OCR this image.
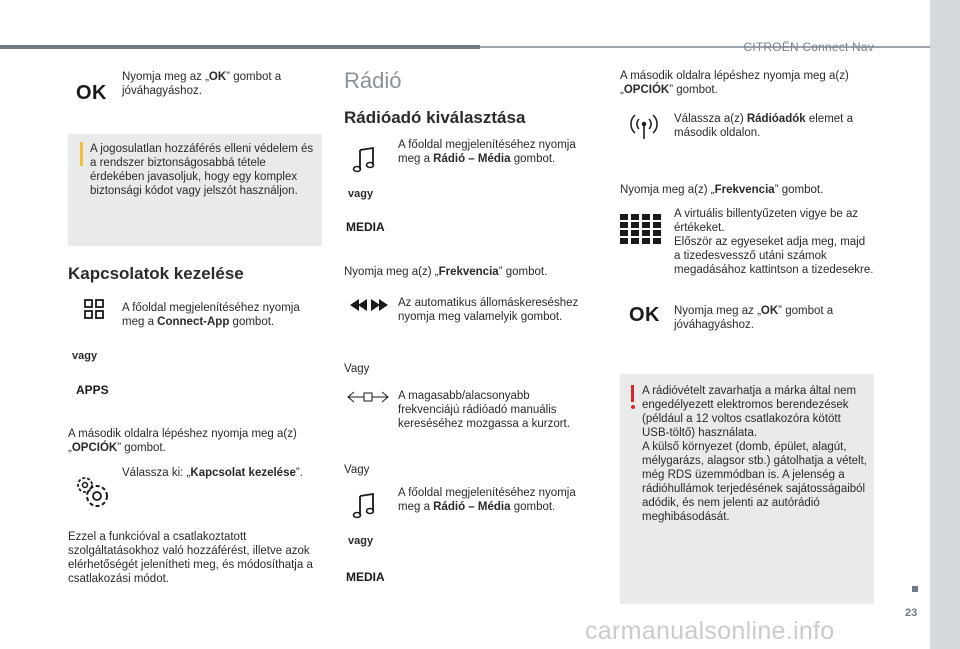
CITROËN Connect Nav
23
OK
Nyomja meg az „OK” gombot a jóváhagyáshoz.
A jogosulatlan hozzáférés elleni védelem és a rendszer biztonságosabbá tétele érdekében javasoljuk, hogy egy komplex biztonsági kódot vagy jelszót használjon.
Kapcsolatok kezelése
A főoldal megjelenítéséhez nyomja meg a Connect-App gombot.
vagy
APPS
A második oldalra lépéshez nyomja meg a(z) „OPCIÓK” gombot.
Válassza ki: „Kapcsolat kezelése”.
Ezzel a funkcióval a csatlakoztatott szolgáltatásokhoz való hozzáférést, illetve azok elérhetőségét jelenítheti meg, és módosíthatja a csatlakozási módot.
Rádió
Rádióadó kiválasztása
A főoldal megjelenítéséhez nyomja meg a Rádió – Média gombot.
vagy
MEDIA
Nyomja meg a(z) „Frekvencia” gombot.
Az automatikus állomáskereséshez nyomja meg valamelyik gombot.
Vagy
A magasabb/alacsonyabb frekvenciájú rádióadó manuális kereséséhez mozgassa a kurzort.
Vagy
A főoldal megjelenítéséhez nyomja meg a Rádió – Média gombot.
vagy
MEDIA
A második oldalra lépéshez nyomja meg a(z) „OPCIÓK” gombot.
Válassza a(z) Rádióadók elemet a második oldalon.
Nyomja meg a(z) „Frekvencia” gombot.
A virtuális billentyűzeten vigye be az értékeket.
Először az egyeseket adja meg, majd a tizedesvessző utáni számok megadásához kattintson a tizedesekre.
OK Nyomja meg az „OK” gombot a jóváhagyáshoz.
A rádióvételt zavarhatja a márka által nem engedélyezett elektromos berendezések (például a 12 voltos csatlakozóra kötött USB-töltő) használata.
A külső környezet (domb, épület, alagút, mélygarázs, alagsor stb.) gátolhatja a vételt, még RDS üzemmódban is. A jelenség a rádióhullámok terjedésének sajátosságaiból adódik, és nem jelenti az autórádió meghibásodását.
carmanualsonline.info
